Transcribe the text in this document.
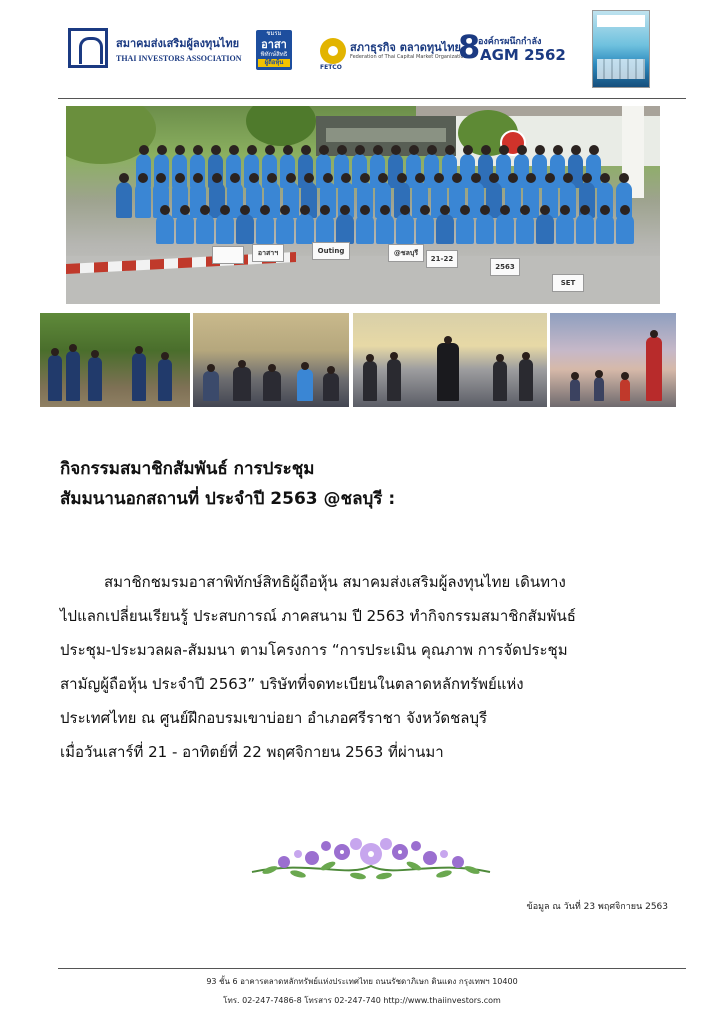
สมาคมส่งเสริมผู้ลงทุนไทย
THAI INVESTORS ASSOCIATION
ชมรม
อาสา
พิทักษ์สิทธิ
ผู้ถือหุ้น
สภาธุรกิจ ตลาดทุนไทย
Federation of Thai Capital Market Organizations
FETCO
8
องค์กรผนึกกำลัง
AGM 2562
อาสาฯ	Outing	@ชลบุรี
21-22
2563
SET
กิจกรรมสมาชิกสัมพันธ์ การประชุม
สัมมนานอกสถานที่ ประจำปี 2563 @ชลบุรี :
สมาชิกชมรมอาสาพิทักษ์สิทธิผู้ถือหุ้น สมาคมส่งเสริมผู้ลงทุนไทย เดินทาง
ไปแลกเปลี่ยนเรียนรู้ ประสบการณ์ ภาคสนาม ปี 2563 ทำกิจกรรมสมาชิกสัมพันธ์
ประชุม-ประมวลผล-สัมมนา ตามโครงการ “การประเมิน คุณภาพ การจัดประชุม
สามัญผู้ถือหุ้น ประจำปี 2563” บริษัทที่จดทะเบียนในตลาดหลักทรัพย์แห่ง
ประเทศไทย ณ ศูนย์ฝึกอบรมเขาบ่อยา อำเภอศรีราชา จังหวัดชลบุรี
เมื่อวันเสาร์ที่ 21 - อาทิตย์ที่ 22 พฤศจิกายน 2563 ที่ผ่านมา
ข้อมูล ณ วันที่ 23 พฤศจิกายน 2563
93 ชั้น 6 อาคารตลาดหลักทรัพย์แห่งประเทศไทย ถนนรัชดาภิเษก ดินแดง กรุงเทพฯ 10400
โทร. 02-247-7486-8 โทรสาร 02-247-740 http://www.thaiinvestors.com
